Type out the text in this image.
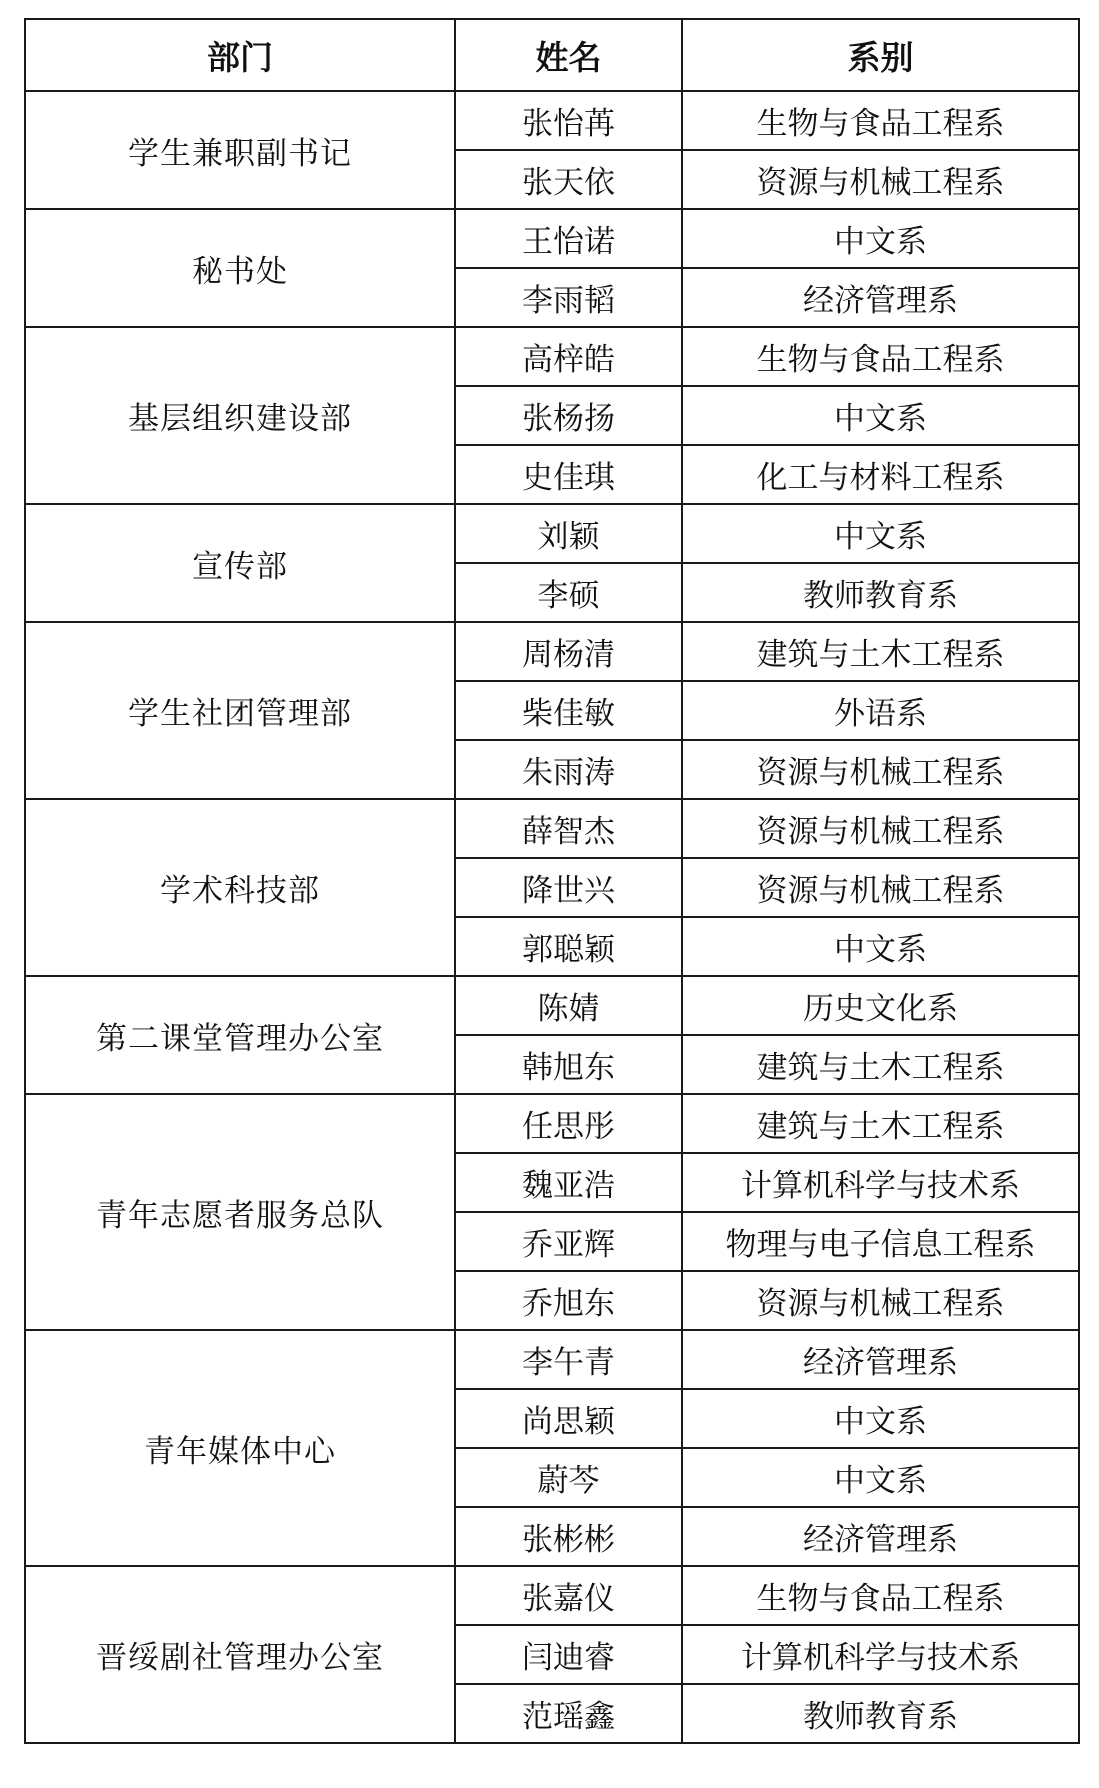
部门	姓名	系别
学生兼职副书记	张怡苒	生物与食品工程系
	张天依	资源与机械工程系
秘书处	王怡诺	中文系
	李雨韬	经济管理系
基层组织建设部	高梓皓	生物与食品工程系
	张杨扬	中文系
	史佳琪	化工与材料工程系
宣传部	刘颖	中文系
	李硕	教师教育系
学生社团管理部	周杨清	建筑与土木工程系
	柴佳敏	外语系
	朱雨涛	资源与机械工程系
学术科技部	薛智杰	资源与机械工程系
	降世兴	资源与机械工程系
	郭聪颖	中文系
第二课堂管理办公室	陈婧	历史文化系
	韩旭东	建筑与土木工程系
青年志愿者服务总队	任思彤	建筑与土木工程系
	魏亚浩	计算机科学与技术系
	乔亚辉	物理与电子信息工程系
	乔旭东	资源与机械工程系
青年媒体中心	李午青	经济管理系
	尚思颖	中文系
	蔚芩	中文系
	张彬彬	经济管理系
晋绥剧社管理办公室	张嘉仪	生物与食品工程系
	闫迪睿	计算机科学与技术系
	范瑶鑫	教师教育系
